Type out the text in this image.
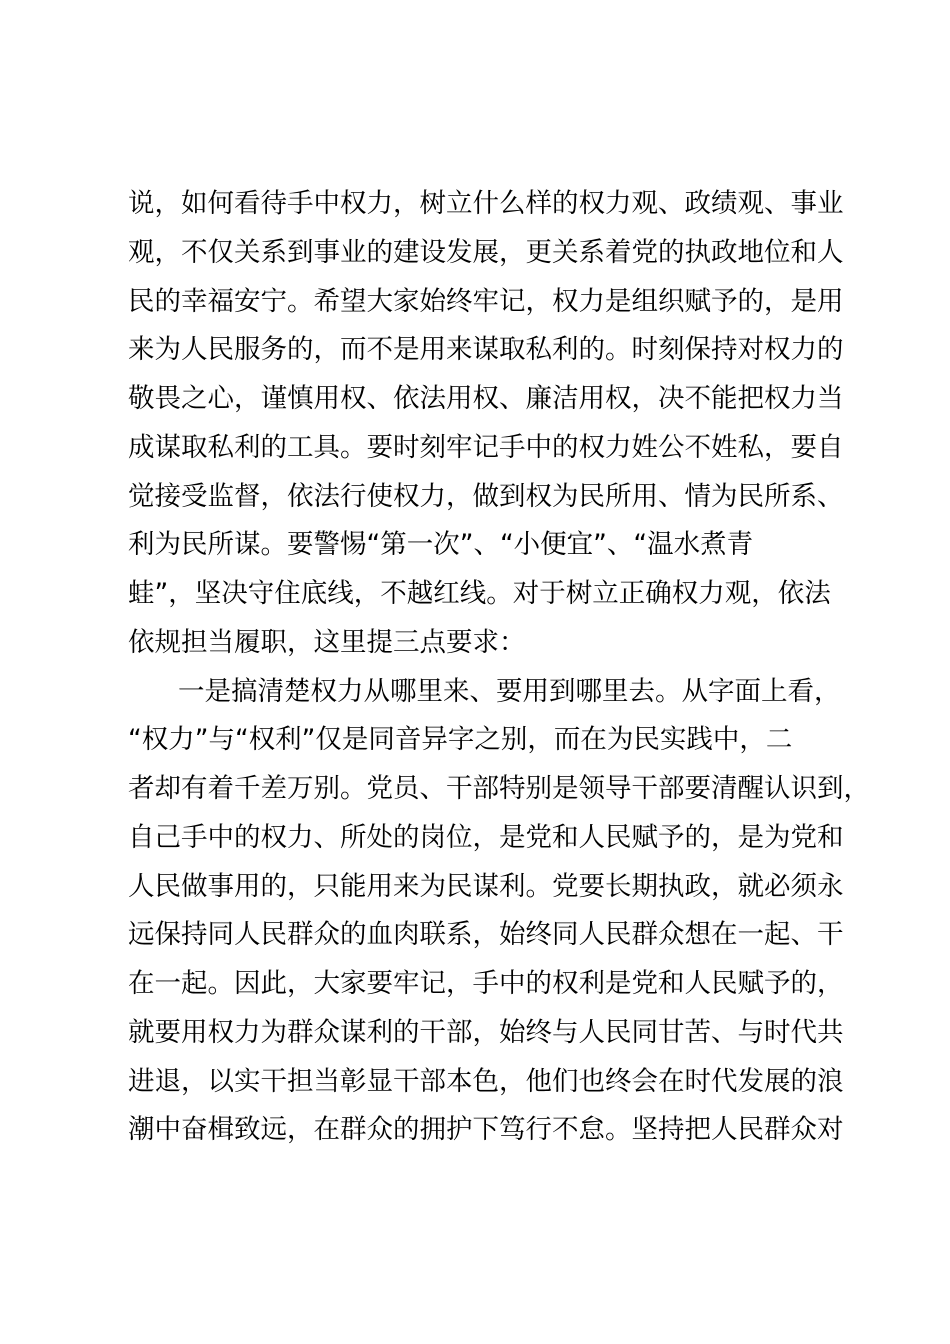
说，如何看待手中权力，树立什么样的权力观、政绩观、事业
观，不仅关系到事业的建设发展，更关系着党的执政地位和人
民的幸福安宁。希望大家始终牢记，权力是组织赋予的，是用
来为人民服务的，而不是用来谋取私利的。时刻保持对权力的
敬畏之心，谨慎用权、依法用权、廉洁用权，决不能把权力当
成谋取私利的工具。要时刻牢记手中的权力姓公不姓私，要自
觉接受监督，依法行使权力，做到权为民所用、情为民所系、
利为民所谋。要警惕“第一次”、“小便宜”、“温水煮青
蛙”，坚决守住底线，不越红线。对于树立正确权力观，依法
依规担当履职，这里提三点要求：
一是搞清楚权力从哪里来、要用到哪里去。从字面上看，
“权力”与“权利”仅是同音异字之别，而在为民实践中，二
者却有着千差万别。党员、干部特别是领导干部要清醒认识到，
自己手中的权力、所处的岗位，是党和人民赋予的，是为党和
人民做事用的，只能用来为民谋利。党要长期执政，就必须永
远保持同人民群众的血肉联系，始终同人民群众想在一起、干
在一起。因此，大家要牢记，手中的权利是党和人民赋予的，
就要用权力为群众谋利的干部，始终与人民同甘苦、与时代共
进退，以实干担当彰显干部本色，他们也终会在时代发展的浪
潮中奋楫致远，在群众的拥护下笃行不怠。坚持把人民群众对
